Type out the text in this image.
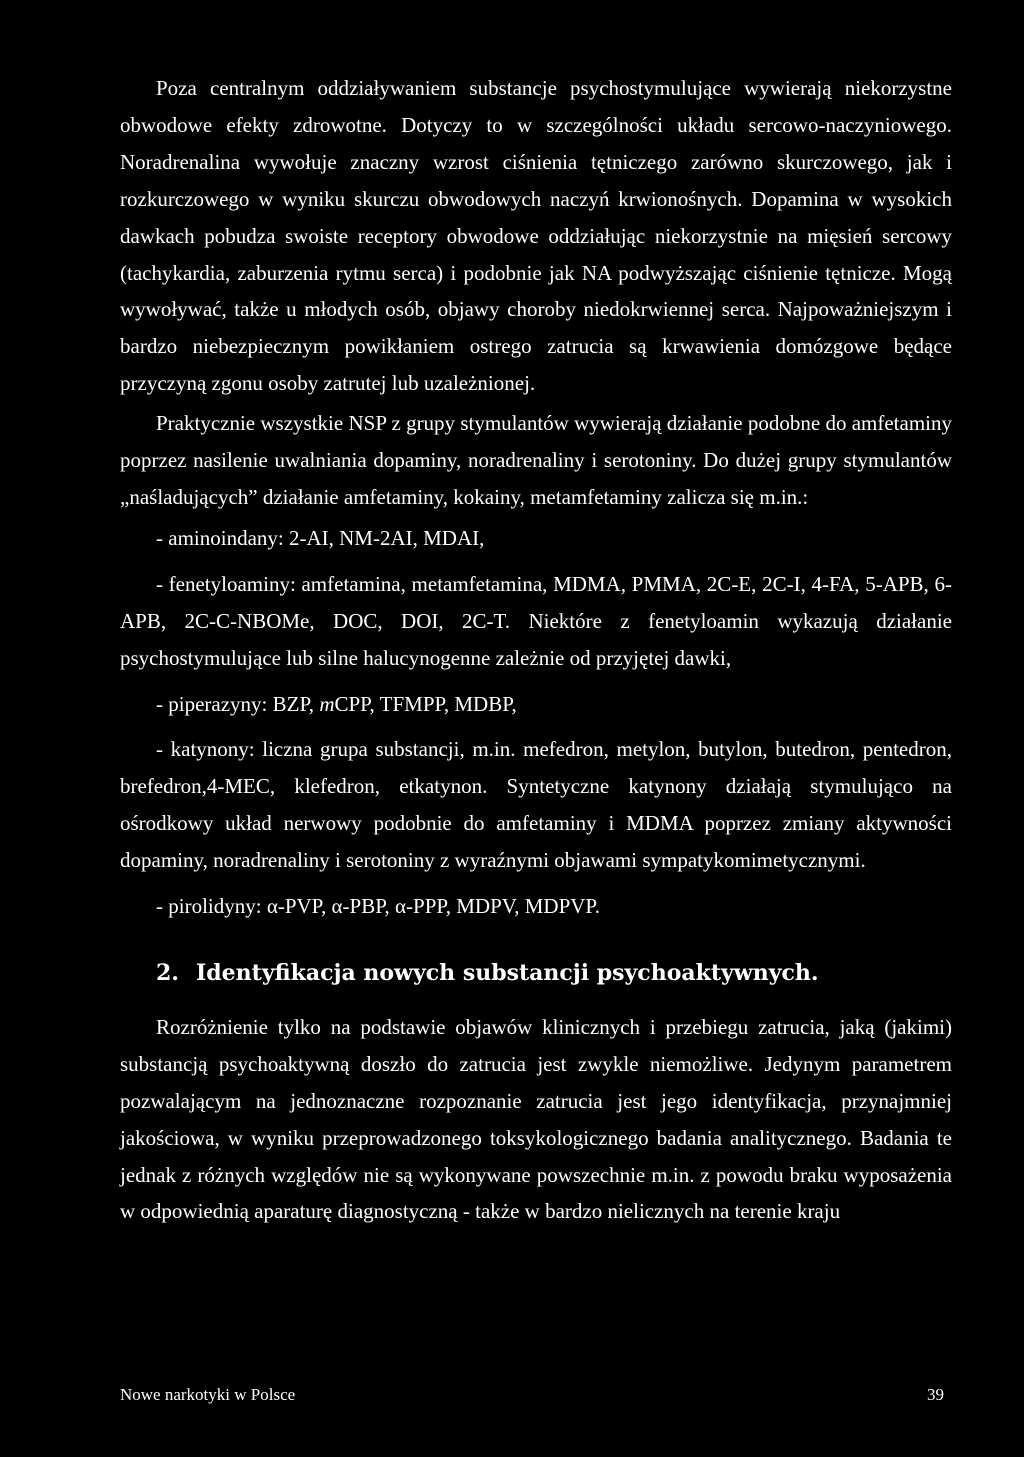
Poza centralnym oddziaływaniem substancje psychostymulujące wywierają niekorzystne obwodowe efekty zdrowotne. Dotyczy to w szczególności układu sercowo-naczyniowego. Noradrenalina wywołuje znaczny wzrost ciśnienia tętniczego zarówno skurczowego, jak i rozkurczowego w wyniku skurczu obwodowych naczyń krwionośnych. Dopamina w wysokich dawkach pobudza swoiste receptory obwodowe oddziałując niekorzystnie na mięsień sercowy (tachykardia, zaburzenia rytmu serca) i podobnie jak NA podwyższając ciśnienie tętnicze. Mogą wywoływać, także u młodych osób, objawy choroby niedokrwiennej serca. Najpoważniejszym i bardzo niebezpiecznym powikłaniem ostrego zatrucia są krwawienia domózgowe będące przyczyną zgonu osoby zatrutej lub uzależnionej.

Praktycznie wszystkie NSP z grupy stymulantów wywierają działanie podobne do amfetaminy poprzez nasilenie uwalniania dopaminy, noradrenaliny i serotoniny. Do dużej grupy stymulantów „naśladujących” działanie amfetaminy, kokainy, metamfetaminy zalicza się m.in.:

- aminoindany: 2-AI, NM-2AI, MDAI,

- fenetyloaminy: amfetamina, metamfetamina, MDMA, PMMA, 2C-E, 2C-I, 4-FA, 5-APB, 6-APB, 2C-C-NBOMe, DOC, DOI, 2C-T. Niektóre z fenetyloamin wykazują działanie psychostymulujące lub silne halucynogenne zależnie od przyjętej dawki,

- piperazyny: BZP, mCPP, TFMPP, MDBP,

- katynony: liczna grupa substancji, m.in. mefedron, metylon, butylon, butedron, pentedron, brefedron,4-MEC, klefedron, etkatynon. Syntetyczne katynony działają stymulująco na ośrodkowy układ nerwowy podobnie do amfetaminy i MDMA poprzez zmiany aktywności dopaminy, noradrenaliny i serotoniny z wyraźnymi objawami sympatykomimetycznymi.

- pirolidyny: α-PVP, α-PBP, α-PPP, MDPV, MDPVP.

2. Identyfikacja nowych substancji psychoaktywnych.

Rozróżnienie tylko na podstawie objawów klinicznych i przebiegu zatrucia, jaką (jakimi) substancją psychoaktywną doszło do zatrucia jest zwykle niemożliwe. Jedynym parametrem pozwalającym na jednoznaczne rozpoznanie zatrucia jest jego identyfikacja, przynajmniej jakościowa, w wyniku przeprowadzonego toksykologicznego badania analitycznego. Badania te jednak z różnych względów nie są wykonywane powszechnie m.in. z powodu braku wyposażenia w odpowiednią aparaturę diagnostyczną - także w bardzo nielicznych na terenie kraju

Nowe narkotyki w Polsce	39
